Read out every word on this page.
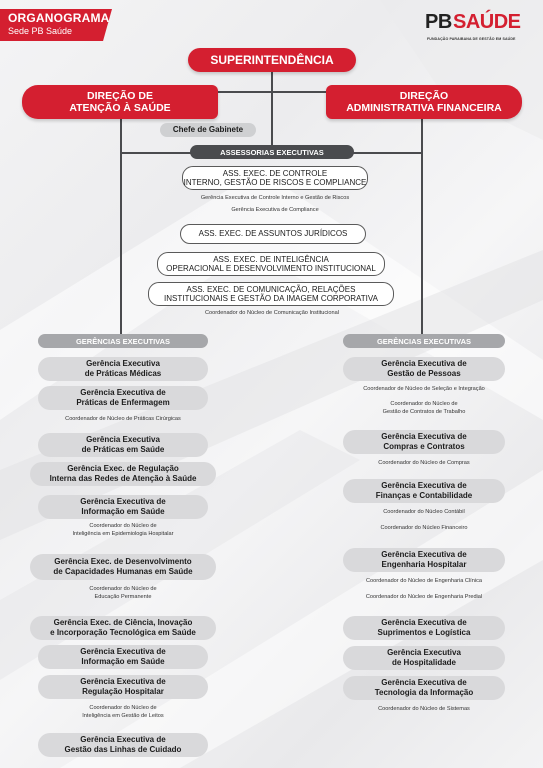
ORGANOGRAMA
Sede PB Saúde	PB SAÚDE
FUNDAÇÃO PARAIBANA DE GESTÃO EM SAÚDE
SUPERINTENDÊNCIA
DIREÇÃO DE
ATENÇÃO À SAÚDE
DIREÇÃO
ADMINISTRATIVA FINANCEIRA
Chefe de Gabinete
ASSESSORIAS EXECUTIVAS
ASS. EXEC. DE CONTROLE
INTERNO, GESTÃO DE RISCOS E COMPLIANCE
Gerência Executiva de Controle Interno e Gestão de Riscos
Gerência Executiva de Compliance
ASS. EXEC. DE ASSUNTOS JURÍDICOS
ASS. EXEC. DE INTELIGÊNCIA
OPERACIONAL E DESENVOLVIMENTO INSTITUCIONAL
ASS. EXEC. DE COMUNICAÇÃO, RELAÇÕES
INSTITUCIONAIS E GESTÃO DA IMAGEM CORPORATIVA
Coordenador do Núcleo de Comunicação Institucional
GERÊNCIAS EXECUTIVAS
Gerência Executiva
de Práticas Médicas
Gerência Executiva de
Práticas de Enfermagem
Coordenador de Núcleo de Práticas Cirúrgicas
Gerência Executiva
de Práticas em Saúde
Gerência Exec. de Regulação
Interna das Redes de Atenção à Saúde
Gerência Executiva de
Informação em Saúde
Coordenador do Núcleo de
Inteligência em Epidemiologia Hospitalar
Gerência Exec. de Desenvolvimento
de Capacidades Humanas em Saúde
Coordenador do Núcleo de
Educação Permanente
Gerência Exec. de Ciência, Inovação
e Incorporação Tecnológica em Saúde
Gerência Executiva de
Informação em Saúde
Gerência Executiva de
Regulação Hospitalar
Coordenador do Núcleo de
Inteligência em Gestão de Leitos
Gerência Executiva de
Gestão das Linhas de Cuidado
GERÊNCIAS EXECUTIVAS
Gerência Executiva de
Gestão de Pessoas
Coordenador de Núcleo de Seleção e Integração
Coordenador do Núcleo de
Gestão de Contratos de Trabalho
Gerência Executiva de
Compras e Contratos
Coordenador do Núcleo de Compras
Gerência Executiva de
Finanças e Contabilidade
Coordenador do Núcleo Contábil
Coordenador do Núcleo Financeiro
Gerência Executiva de
Engenharia Hospitalar
Coordenador do Núcleo de Engenharia Clínica
Coordenador do Núcleo de Engenharia Predial
Gerência Executiva de
Suprimentos e Logística
Gerência Executiva
de Hospitalidade
Gerência Executiva de
Tecnologia da Informação
Coordenador do Núcleo de Sistemas
